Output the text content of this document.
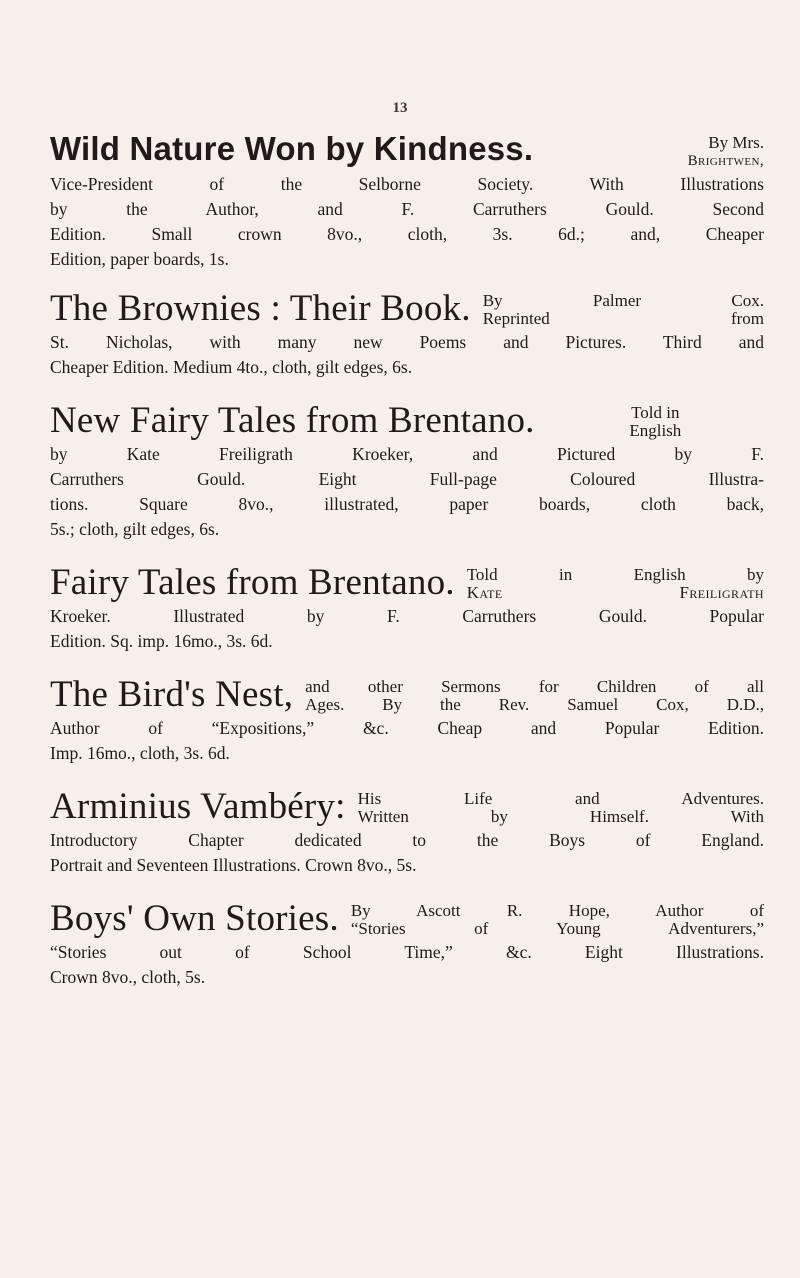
13
Wild Nature Won by Kindness.	By Mrs.
Brightwen,
Vice-President of the Selborne Society. With Illustrations
by the Author, and F. Carruthers Gould. Second
Edition. Small crown 8vo., cloth, 3s. 6d.; and, Cheaper
Edition, paper boards, 1s.
The Brownies : Their Book. By Palmer Cox.
Reprinted from
St. Nicholas, with many new Poems and Pictures. Third and
Cheaper Edition. Medium 4to., cloth, gilt edges, 6s.
New Fairy Tales from Brentano.	Told in
English
by Kate Freiligrath Kroeker, and Pictured by F.
Carruthers Gould. Eight Full-page Coloured Illustra-
tions. Square 8vo., illustrated, paper boards, cloth back,
5s.; cloth, gilt edges, 6s.
Fairy Tales from Brentano. Told in English by
Kate Freiligrath
Kroeker. Illustrated by F. Carruthers Gould. Popular
Edition. Sq. imp. 16mo., 3s. 6d.
The Bird's Nest, and other Sermons for Children of all
Ages. By the Rev. Samuel Cox, D.D.,
Author of “Expositions,” &c. Cheap and Popular Edition.
Imp. 16mo., cloth, 3s. 6d.
Arminius Vambéry: His Life and Adventures.
Written by Himself. With
Introductory Chapter dedicated to the Boys of England.
Portrait and Seventeen Illustrations. Crown 8vo., 5s.
Boys' Own Stories. By Ascott R. Hope, Author of
“Stories of Young Adventurers,”
“Stories out of School Time,” &c. Eight Illustrations.
Crown 8vo., cloth, 5s.
